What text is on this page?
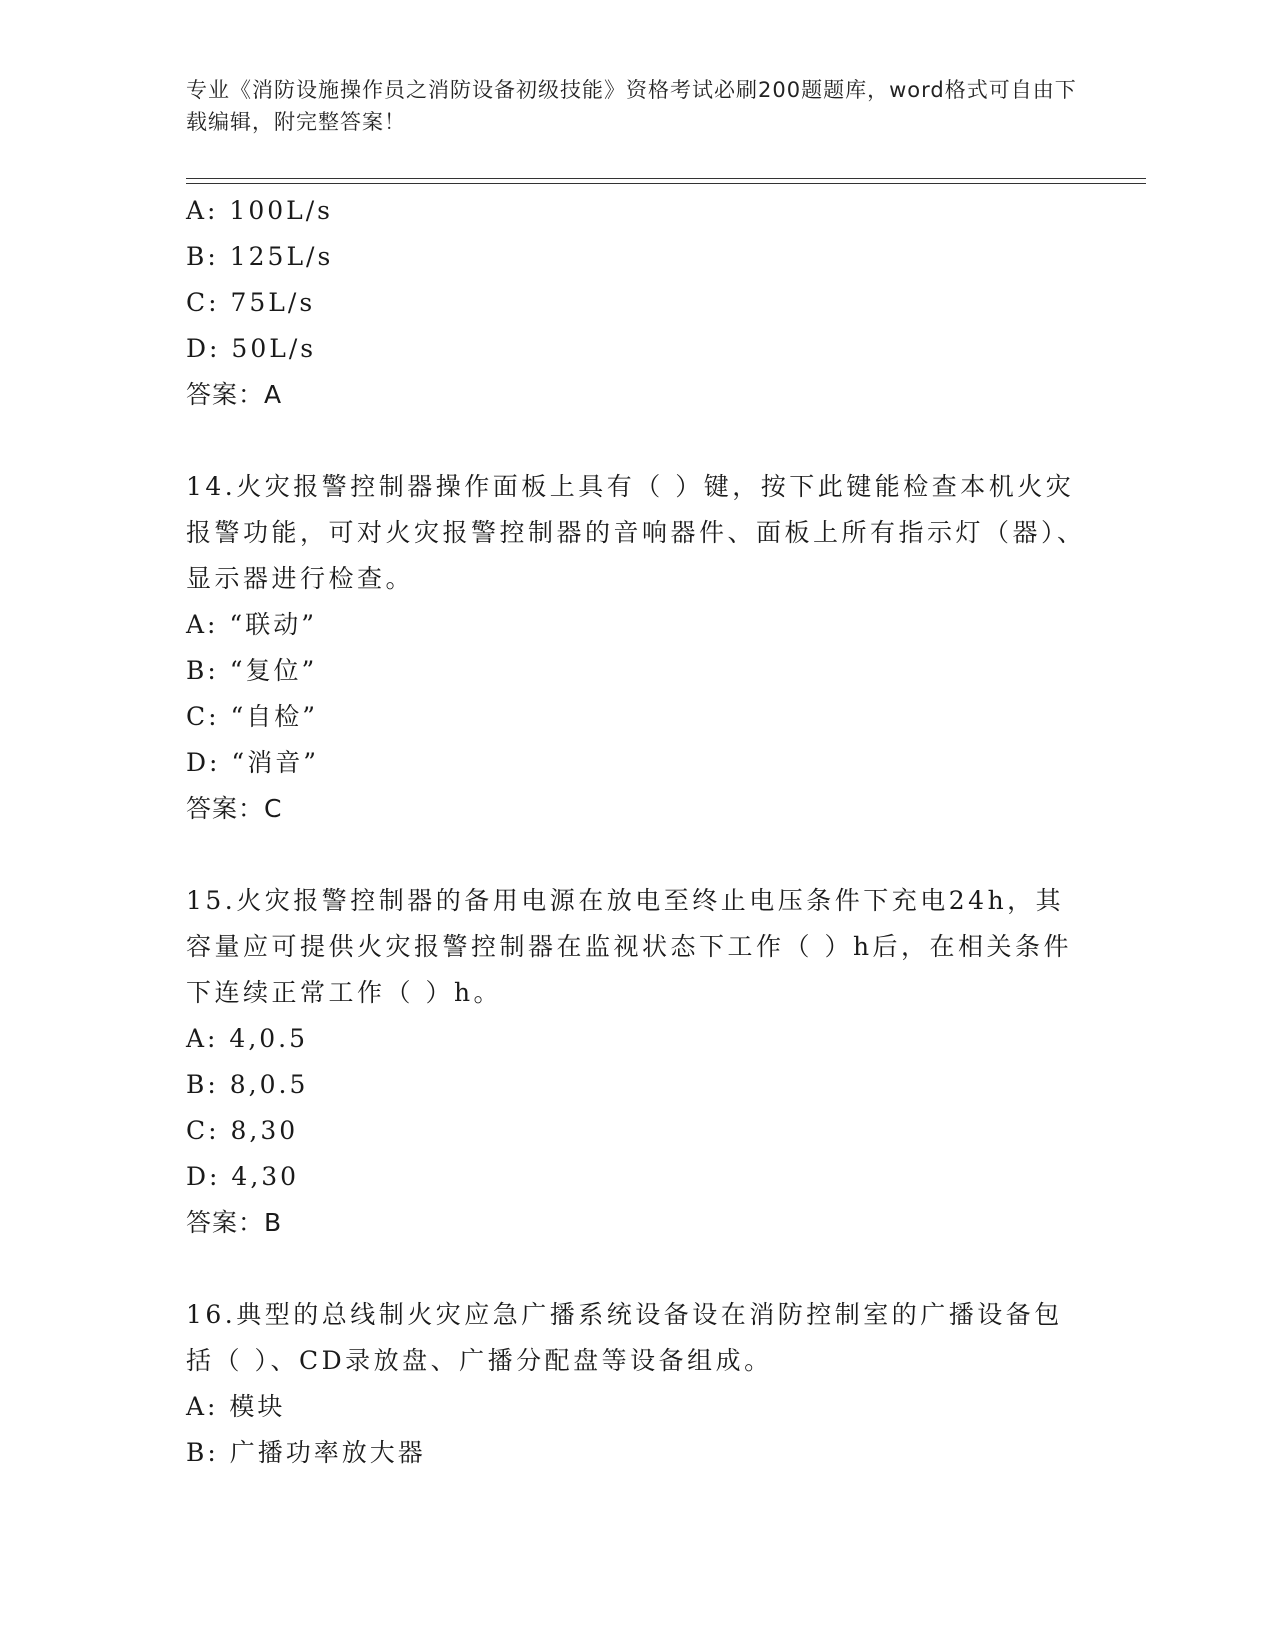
专业《消防设施操作员之消防设备初级技能》资格考试必刷200题题库，word格式可自由下载编辑，附完整答案！
A: 100L/s
B: 125L/s
C: 75L/s
D: 50L/s
答案：A
14.火灾报警控制器操作面板上具有（ ）键，按下此键能检查本机火灾报警功能，可对火灾报警控制器的音响器件、面板上所有指示灯（器）、显示器进行检查。
A: “联动”
B: “复位”
C: “自检”
D: “消音”
答案：C
15.火灾报警控制器的备用电源在放电至终止电压条件下充电24h，其容量应可提供火灾报警控制器在监视状态下工作（ ）h后，在相关条件下连续正常工作（ ）h。
A: 4,0.5
B: 8,0.5
C: 8,30
D: 4,30
答案：B
16.典型的总线制火灾应急广播系统设备设在消防控制室的广播设备包括（ ）、CD录放盘、广播分配盘等设备组成。
A: 模块
B: 广播功率放大器
